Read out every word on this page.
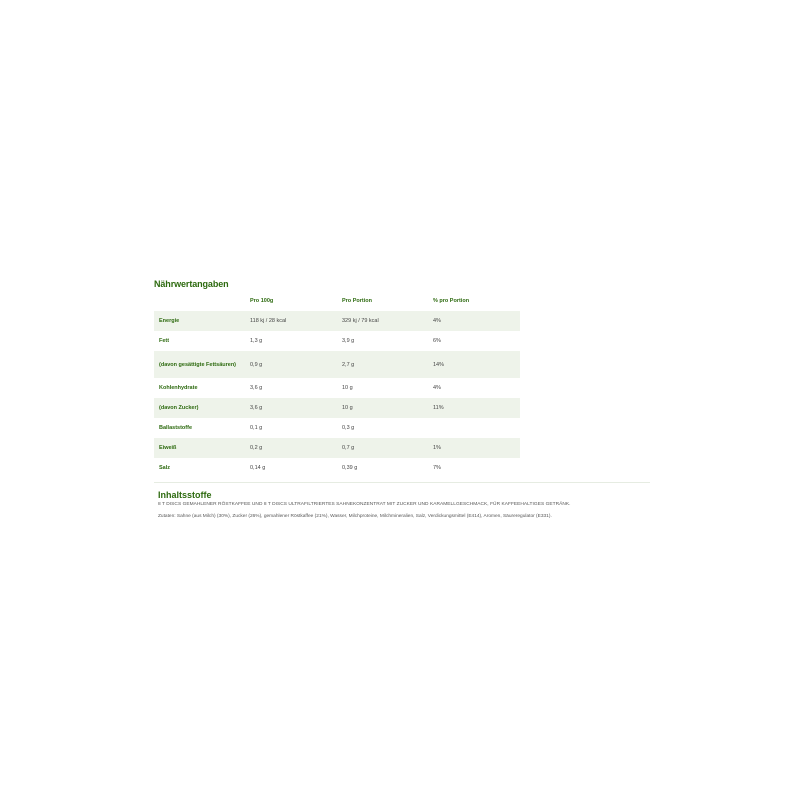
Nährwertangaben
	Pro 100g	Pro Portion	% pro Portion
Energie	118 kj / 28 kcal	329 kj / 79 kcal	4%
Fett	1,3 g	3,9 g	6%
(davon gesättigte Fettsäuren)	0,9 g	2,7 g	14%
Kohlenhydrate	3,6 g	10 g	4%
(davon Zucker)	3,6 g	10 g	11%
Ballaststoffe	0,1 g	0,3 g	
Eiweiß	0,2 g	0,7 g	1%
Salz	0,14 g	0,39 g	7%
Inhaltsstoffe
8 T DISCS GEMAHLENER RÖSTKAFFEE UND 8 T DISCS ULTRAFILTRIERTES SAHNEKONZENTRAT MIT ZUCKER UND KARAMELLGESCHMACK, FÜR KAFFEEHALTIGES GETRÄNK.
Zutaten: Sahne (aus Milch) (30%), Zucker (26%), gemahlener Röstkaffee (21%), Wasser, Milchproteine, Milchmineralien, Salz, Verdickungsmittel (E414), Aromen, Säureregulator (E331).
